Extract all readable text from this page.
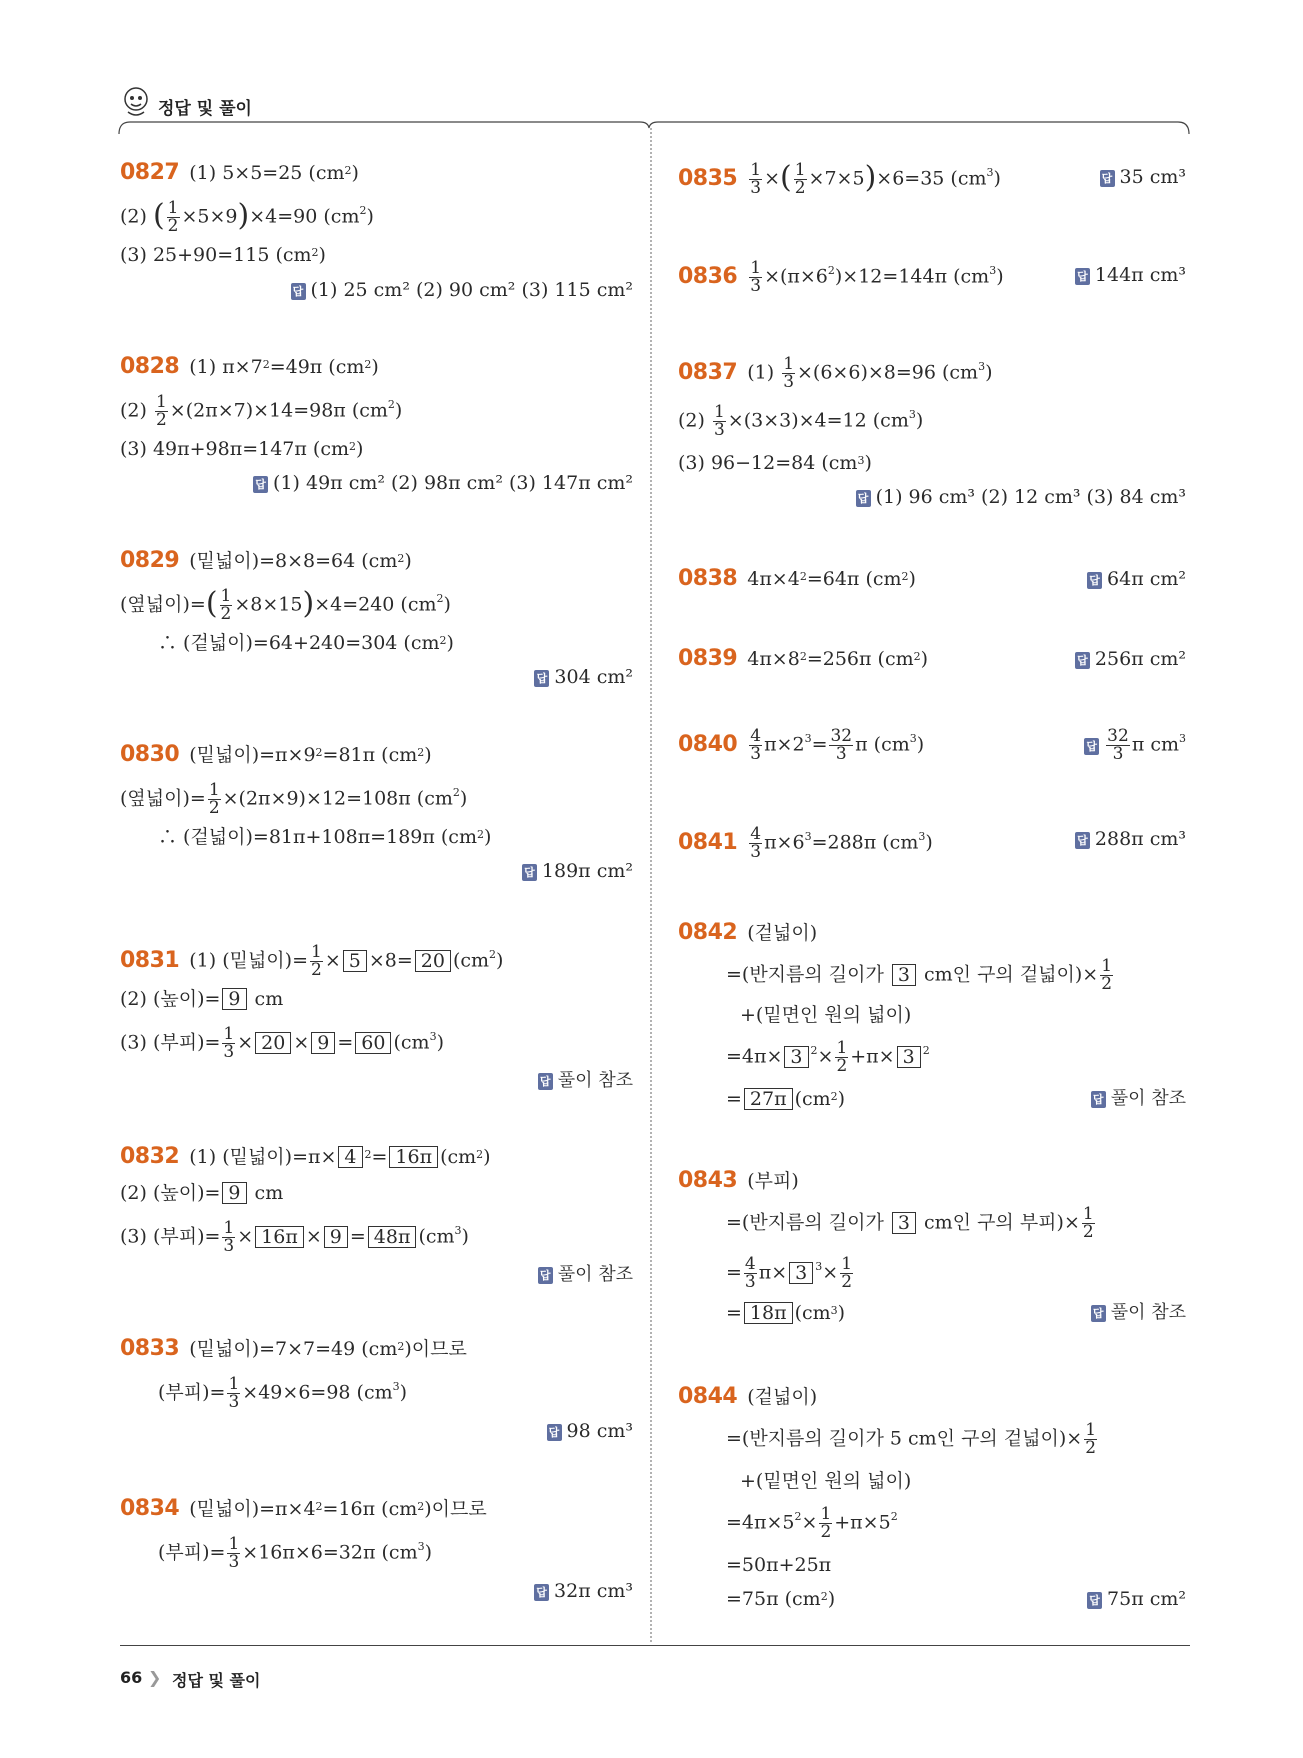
정답 및 풀이
0827 (1) 5×5=25 $(cm^2)$
(2) ( $\frac{1}{2} \times 5\times 9)\times 4=90$ $(cm^2)$
(3) 25+90=115 $(cm^2)$
답 (1) 25 cm² (2) 90 cm² (3) 115 cm²
0828 (1) $\pi\times 7^2=49\pi$ $(cm^2)$
$(2) \frac{1}{2} \times(2\pi\times 7)\times 14=98\pi$ $(cm^2)$
(3) 49π+98π=147π $(cm^2)$
답 (1) 49π cm² (2) 98π cm² (3) 147π cm²
0829 (밑넓이)=8×8=64 $(cm^2)$
(옆넓이)=( $\frac{1}{2} \times 8\times 15)\times 4=240$ $(cm^2)$
∴ (겉넓이)=64+240=304 $(cm^2)$
답 304 cm²
0830 (밑넓이)$=\pi\times 9^2=81\pi$ $(cm^2)$
(옆넓이)= $\frac{1}{2} \times(2\pi\times 9)\times 12=108\pi$ $(cm^2)$
∴ (겉넓이)=81π+108π=189π $(cm^2)$
답 189π cm²
0831 (1) (밑넓이)= $\frac{1}{2} \times 5 \times 8= 20$ $(cm^2)$
(2) (높이)= 9 cm
(3) (부피)= $\frac{1}{3} \times 20 \times 9 = 60$ $(cm^3)$
답 풀이 참조
0832 (1) (밑넓이)=π× 4 $^2$= 16π $(cm^2)$
(2) (높이)= 9 cm
(3) (부피)= $\frac{1}{3} \times 16\pi \times 9 = 48\pi$ $(cm^3)$
답 풀이 참조
0833 (밑넓이)=7×7=49 $(cm^2)$이므로
(부피)= $\frac{1}{3} \times 49\times 6=98$ $(cm^3)$
답 98 cm³
0834 (밑넓이)$=\pi\times 4^2=16\pi$ $(cm^2)$이므로
(부피)= $\frac{1}{3} \times 16\pi\times 6=32\pi$ $(cm^3)$
답 32π cm³
$0835 \frac{1}{3}$ ×( $\frac{1}{2} \times 7\times 5)\times 6=35$ $(cm^3)$	답 35 cm³
$0836 \frac{1}{3} \times(\pi\times 6^2)\times 12=144\pi$ $(cm^3)$	답 144π cm³
0837 $(1) \frac{1}{3} \times(6\times 6)\times 8=96$ $(cm^3)$
$(2) \frac{1}{3} \times(3\times 3)\times 4=12$ $(cm^3)$
(3) 96−12=84 $(cm^3)$
답 (1) 96 cm³ (2) 12 cm³ (3) 84 cm³
0838 $4\pi\times 4^2=64\pi$ $(cm^2)$	답 64π cm²
0839 $4\pi\times 8^2=256\pi$ $(cm^2)$	답 256π cm²
$0840 \frac{4}{3} \pi\times 2^3= \frac{32}{3}$ π $(cm^3)$	답 $\frac{32}{3}$ π $cm^3$
$0841 \frac{4}{3} \pi\times 6^3=288\pi$ $(cm^3)$	답 288π cm³
0842 (겉넓이)
=(반지름의 길이가 3 cm인 구의 겉넓이)× $\frac{1}{2}$
+(밑면인 원의 넓이)
=4π× 3 $^2\times \frac{1}{2} +\pi\times 3$ $^2$
= 27π $(cm^2)$	답 풀이 참조
0843 (부피)
=(반지름의 길이가 3 cm인 구의 부피)× $\frac{1}{2}$
= $\frac{4}{3} \pi\times 3$ $^3\times \frac{1}{2}$
= 18π $(cm^3)$	답 풀이 참조
0844 (겉넓이)
=(반지름의 길이가 5 cm인 구의 겉넓이)× $\frac{1}{2}$
+(밑면인 원의 넓이)
$=4\pi\times 5^2\times \frac{1}{2} +\pi\times 5^2$
=50π+25π
=75π $(cm^2)$	답 75π cm²
66 ❯ 정답 및 풀이
